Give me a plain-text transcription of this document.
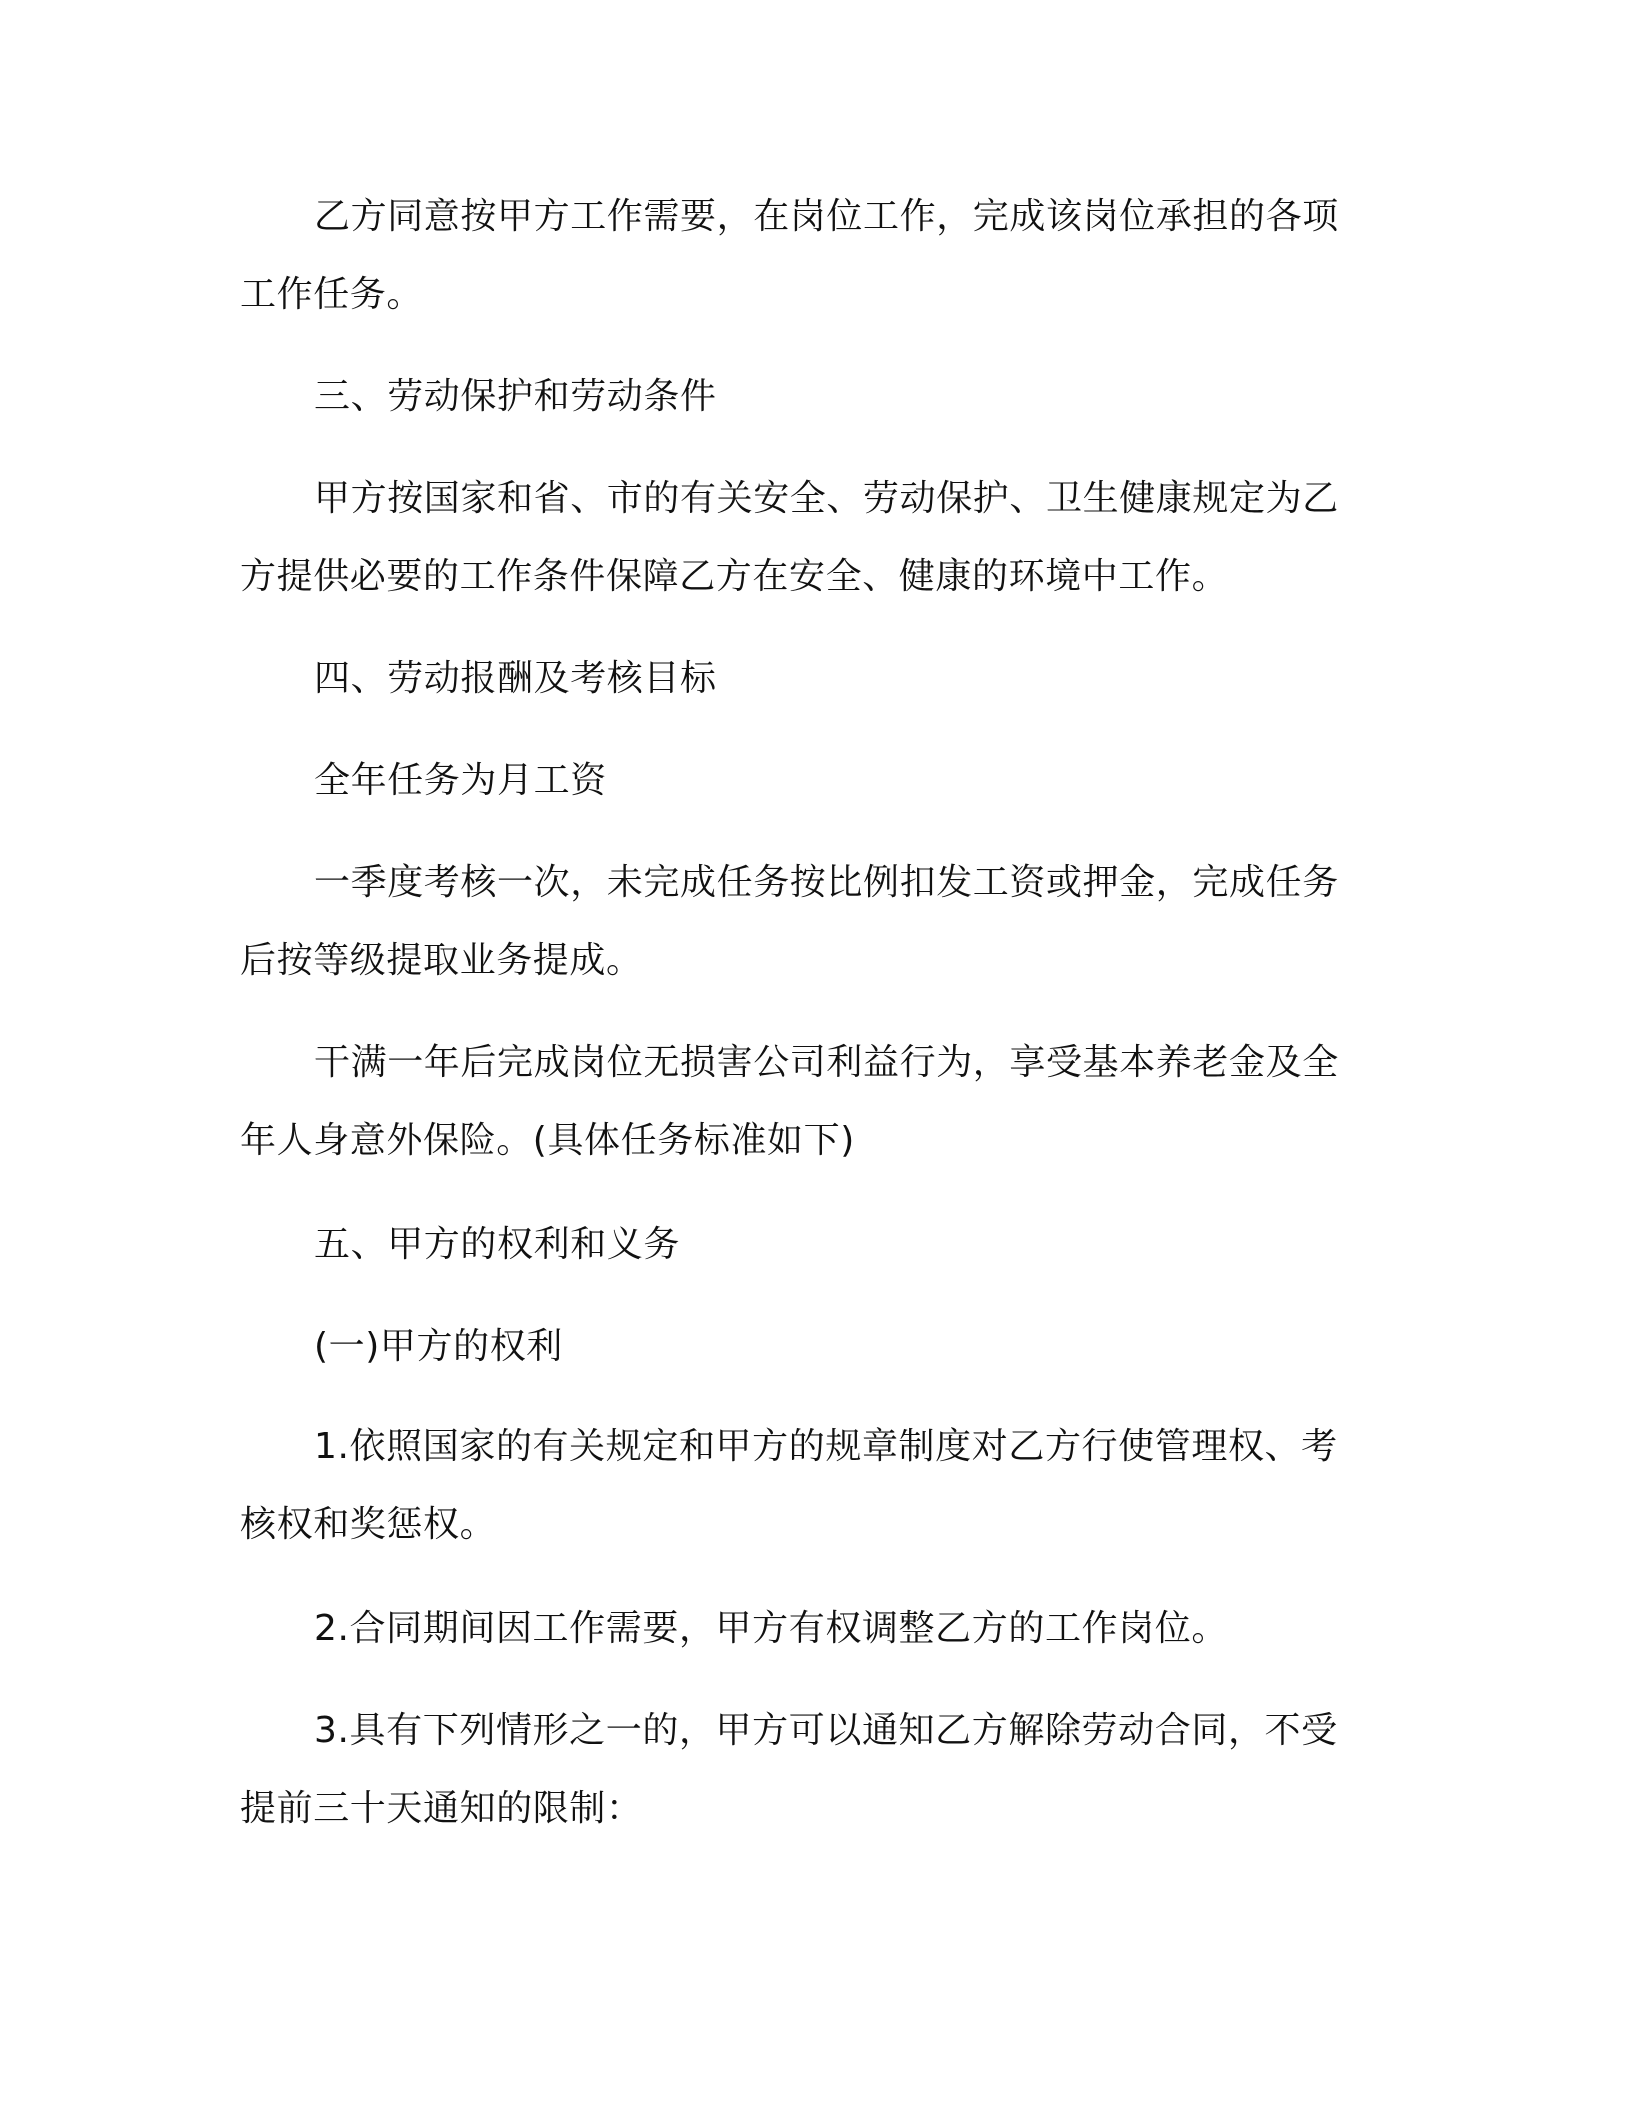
乙方同意按甲方工作需要，在岗位工作，完成该岗位承担的各项工作任务。

三、劳动保护和劳动条件

甲方按国家和省、市的有关安全、劳动保护、卫生健康规定为乙方提供必要的工作条件保障乙方在安全、健康的环境中工作。

四、劳动报酬及考核目标

全年任务为月工资

一季度考核一次，未完成任务按比例扣发工资或押金，完成任务后按等级提取业务提成。

干满一年后完成岗位无损害公司利益行为，享受基本养老金及全年人身意外保险。(具体任务标准如下)

五、甲方的权利和义务

(一)甲方的权利

1.依照国家的有关规定和甲方的规章制度对乙方行使管理权、考核权和奖惩权。

2.合同期间因工作需要，甲方有权调整乙方的工作岗位。

3.具有下列情形之一的，甲方可以通知乙方解除劳动合同，不受提前三十天通知的限制：
